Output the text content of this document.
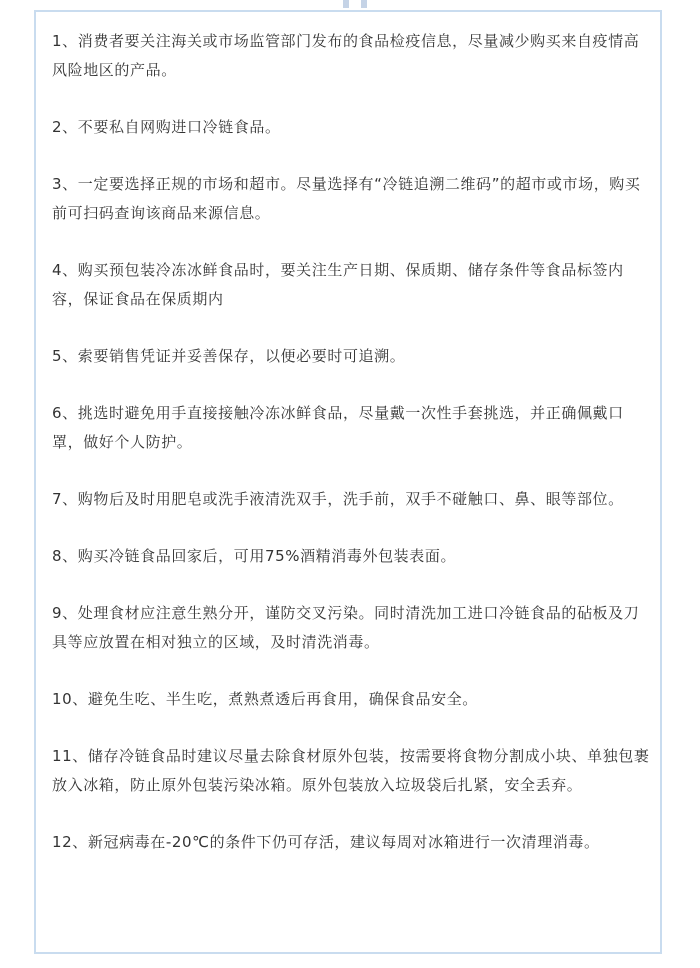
1、消费者要关注海关或市场监管部门发布的食品检疫信息，尽量减少购买来自疫情高风险地区的产品。
2、不要私自网购进口冷链食品。
3、一定要选择正规的市场和超市。尽量选择有“冷链追溯二维码”的超市或市场，购买前可扫码查询该商品来源信息。
4、购买预包装冷冻冰鲜食品时，要关注生产日期、保质期、储存条件等食品标签内容，保证食品在保质期内
5、索要销售凭证并妥善保存，以便必要时可追溯。
6、挑选时避免用手直接接触冷冻冰鲜食品，尽量戴一次性手套挑选，并正确佩戴口罩，做好个人防护。
7、购物后及时用肥皂或洗手液清洗双手，洗手前，双手不碰触口、鼻、眼等部位。
8、购买冷链食品回家后，可用75%酒精消毒外包装表面。
9、处理食材应注意生熟分开，谨防交叉污染。同时清洗加工进口冷链食品的砧板及刀具等应放置在相对独立的区域，及时清洗消毒。
10、避免生吃、半生吃，煮熟煮透后再食用，确保食品安全。
11、储存冷链食品时建议尽量去除食材原外包装，按需要将食物分割成小块、单独包裹放入冰箱，防止原外包装污染冰箱。原外包装放入垃圾袋后扎紧，安全丢弃。
12、新冠病毒在-20℃的条件下仍可存活，建议每周对冰箱进行一次清理消毒。
